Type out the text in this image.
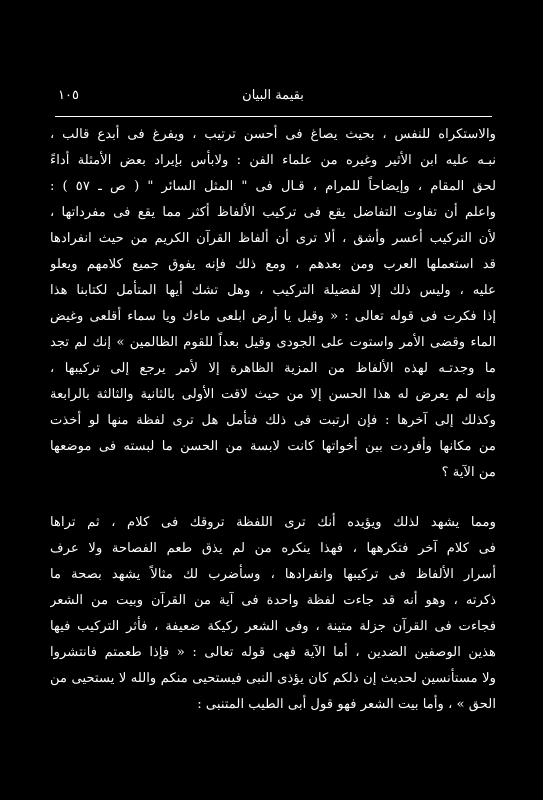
بقيمة البيان
١٠٥
والاستكراه للنفس ، بحيث يصاغ فى أحسن ترتيب ، ويفرغ فى أبدع قالب ،
نبـه عليه ابن الأثير وغيره من علماء الفن : ولابأس بإيراد بعض الأمثلة أداءً
لحق المقام ، وإيضاحاً للمرام ، قـال فى " المثل السائر " ( ص ـ ٥٧ ) :
واعلم أن تفاوت التفاضل يقع فى تركيب الألفاظ أكثر مما يقع فى مفرداتها ،
لأن التركيب أعسر وأشق ، ألا ترى أن ألفاظ القرآن الكريم من حيث انفرادها
قد استعملها العرب ومن بعدهم ، ومع ذلك فإنه يفوق جميع كلامهم ويعلو
عليه ، وليس ذلك إلا لفضيلة التركيب ، وهل تشك أيها المتأمل لكتابنا هذا
إذا فكرت فى قوله تعالى : « وقيل يا أرض ابلعى ماءك ويا سماء أقلعى وغيض
الماء وقضى الأمر واستوت على الجودى وقيل بعداً للقوم الظالمين » إنك لم تجد
ما وجدتـه لهذه الألفاظ من المزية الظاهرة إلا لأمر يرجع إلى تركيبها ،
وإنه لم يعرض له هذا الحسن إلا من حيث لاقت الأولى بالثانية والثالثة بالرابعة
وكذلك إلى آخرها : فإن ارتبت فى ذلك فتأمل هل ترى لفظة منها لو أخذت
من مكانها وأفردت بين أخواتها كانت لابسة من الحسن ما لبسته فى موضعها
من الآية ؟
ومما يشهد لذلك ويؤيده أنك ترى اللفظة تروقك فى كلام ، ثم تراها
فى كلام آخر فتكرهها ، فهذا ينكره من لم يذق طعم الفصاحة ولا عرف
أسرار الألفاظ فى تركيبها وانفرادها ، وسأضرب لك مثالاً يشهد بصحة ما
ذكرته ، وهو أنه قد جاءت لفظة واحدة فى آية من القرآن وبيت من الشعر
فجاءت فى القرآن جزلة متينة ، وفى الشعر ركيكة ضعيفة ، فأثر التركيب فيها
هذين الوصفين الضدين ، أما الآية فهى قوله تعالى : « فإذا طعمتم فانتشروا
ولا مستأنسين لحديث إن ذلكم كان يؤذى النبى فيستحيى منكم والله لا يستحيى من
الحق » ، وأما بيت الشعر فهو قول أبى الطيب المتنبى :
